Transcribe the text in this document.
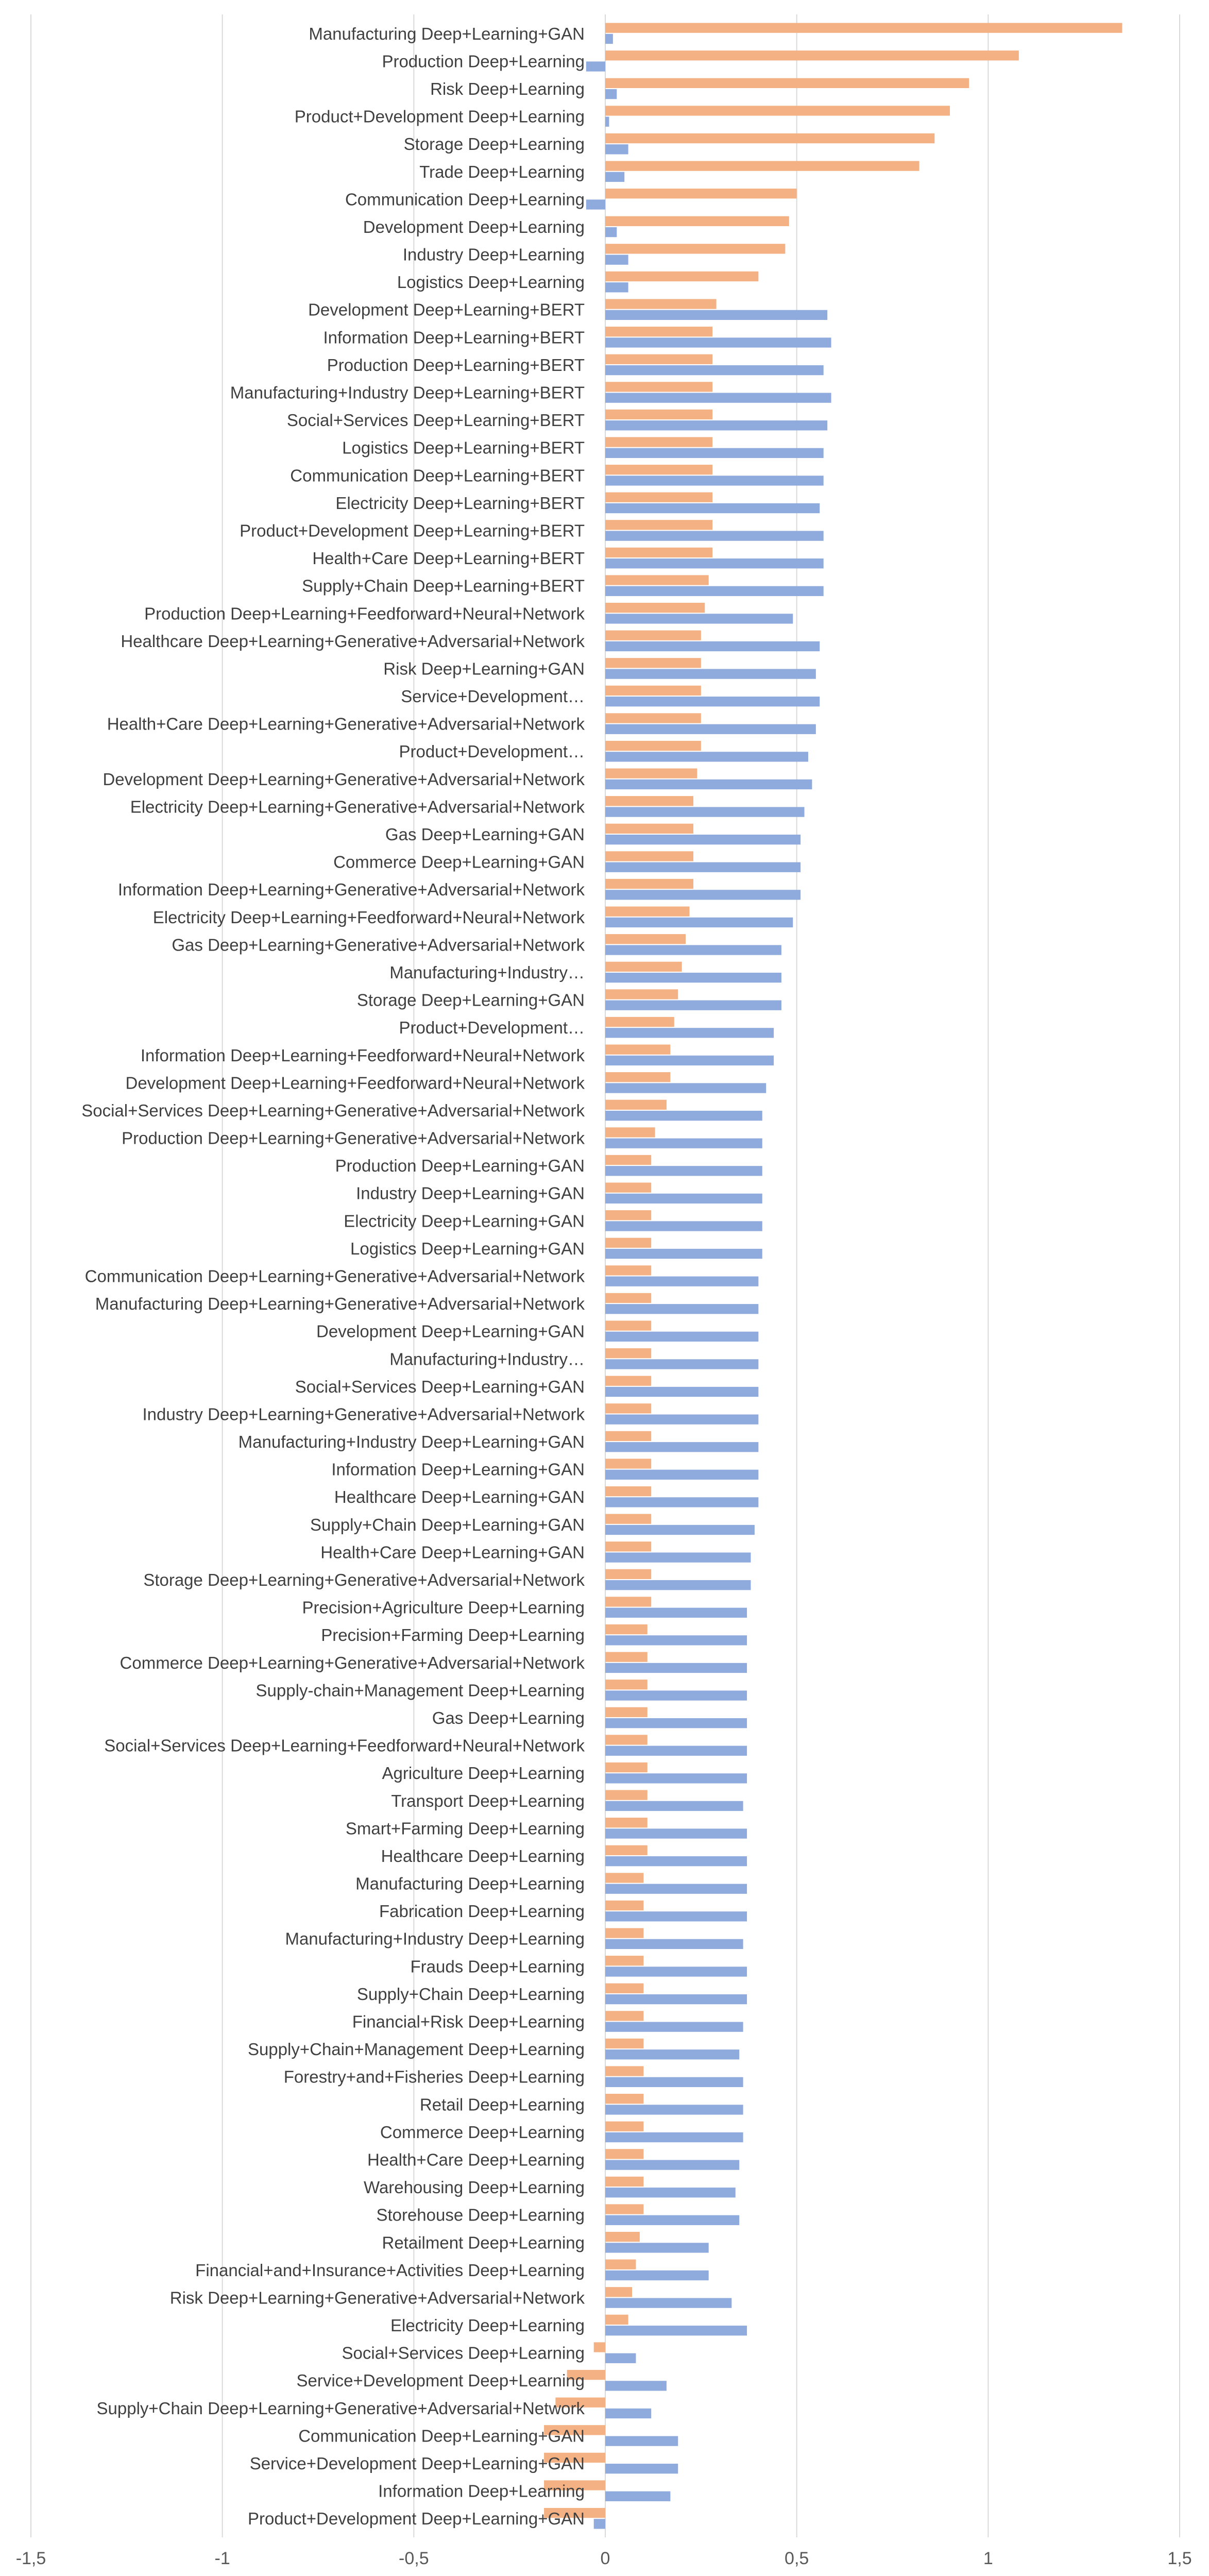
Manufacturing Deep+Learning+GAN
Production Deep+Learning
Risk Deep+Learning
Product+Development Deep+Learning
Storage Deep+Learning
Trade Deep+Learning
Communication Deep+Learning
Development Deep+Learning
Industry Deep+Learning
Logistics Deep+Learning
Development Deep+Learning+BERT
Information Deep+Learning+BERT
Production Deep+Learning+BERT
Manufacturing+Industry Deep+Learning+BERT
Social+Services Deep+Learning+BERT
Logistics Deep+Learning+BERT
Communication Deep+Learning+BERT
Electricity Deep+Learning+BERT
Product+Development Deep+Learning+BERT
Health+Care Deep+Learning+BERT
Supply+Chain Deep+Learning+BERT
Production Deep+Learning+Feedforward+Neural+Network
Healthcare Deep+Learning+Generative+Adversarial+Network
Risk Deep+Learning+GAN
Service+Development…
Health+Care Deep+Learning+Generative+Adversarial+Network
Product+Development…
Development Deep+Learning+Generative+Adversarial+Network
Electricity Deep+Learning+Generative+Adversarial+Network
Gas Deep+Learning+GAN
Commerce Deep+Learning+GAN
Information Deep+Learning+Generative+Adversarial+Network
Electricity Deep+Learning+Feedforward+Neural+Network
Gas Deep+Learning+Generative+Adversarial+Network
Manufacturing+Industry…
Storage Deep+Learning+GAN
Product+Development…
Information Deep+Learning+Feedforward+Neural+Network
Development Deep+Learning+Feedforward+Neural+Network
Social+Services Deep+Learning+Generative+Adversarial+Network
Production Deep+Learning+Generative+Adversarial+Network
Production Deep+Learning+GAN
Industry Deep+Learning+GAN
Electricity Deep+Learning+GAN
Logistics Deep+Learning+GAN
Communication Deep+Learning+Generative+Adversarial+Network
Manufacturing Deep+Learning+Generative+Adversarial+Network
Development Deep+Learning+GAN
Manufacturing+Industry…
Social+Services Deep+Learning+GAN
Industry Deep+Learning+Generative+Adversarial+Network
Manufacturing+Industry Deep+Learning+GAN
Information Deep+Learning+GAN
Healthcare Deep+Learning+GAN
Supply+Chain Deep+Learning+GAN
Health+Care Deep+Learning+GAN
Storage Deep+Learning+Generative+Adversarial+Network
Precision+Agriculture Deep+Learning
Precision+Farming Deep+Learning
Commerce Deep+Learning+Generative+Adversarial+Network
Supply-chain+Management Deep+Learning
Gas Deep+Learning
Social+Services Deep+Learning+Feedforward+Neural+Network
Agriculture Deep+Learning
Transport Deep+Learning
Smart+Farming Deep+Learning
Healthcare Deep+Learning
Manufacturing Deep+Learning
Fabrication Deep+Learning
Manufacturing+Industry Deep+Learning
Frauds Deep+Learning
Supply+Chain Deep+Learning
Financial+Risk Deep+Learning
Supply+Chain+Management Deep+Learning
Forestry+and+Fisheries Deep+Learning
Retail Deep+Learning
Commerce Deep+Learning
Health+Care Deep+Learning
Warehousing Deep+Learning
Storehouse Deep+Learning
Retailment Deep+Learning
Financial+and+Insurance+Activities Deep+Learning
Risk Deep+Learning+Generative+Adversarial+Network
Electricity Deep+Learning
Social+Services Deep+Learning
Service+Development Deep+Learning
Supply+Chain Deep+Learning+Generative+Adversarial+Network
Communication Deep+Learning+GAN
Service+Development Deep+Learning+GAN
Information Deep+Learning
Product+Development Deep+Learning+GAN
-1,5	-1	-0,5	0	0,5	1	1,5
